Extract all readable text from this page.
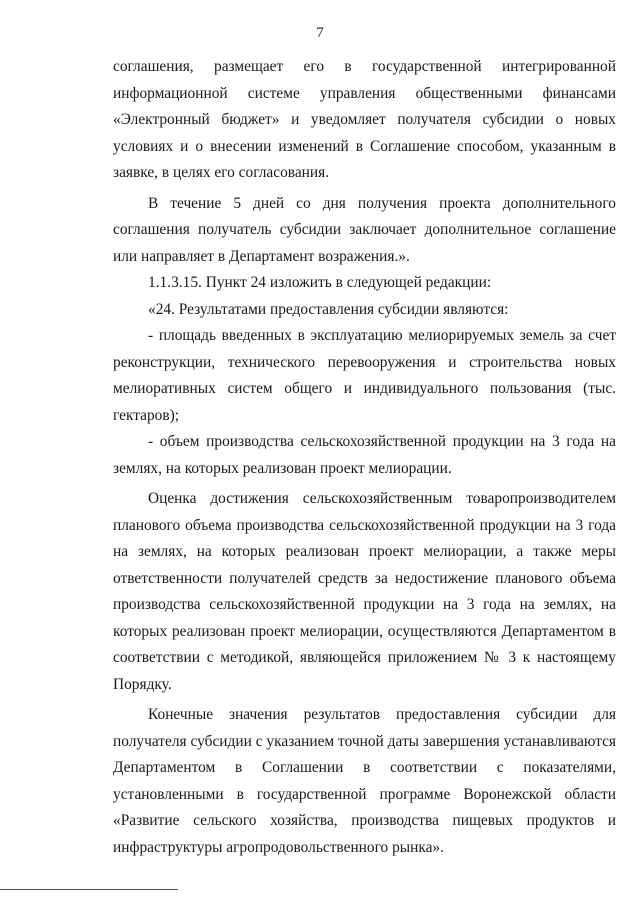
7

соглашения, размещает его в государственной интегрированной информационной системе управления общественными финансами «Электронный бюджет» и уведомляет получателя субсидии о новых условиях и о внесении изменений в Соглашение способом, указанным в заявке, в целях его согласования.

В течение 5 дней со дня получения проекта дополнительного соглашения получатель субсидии заключает дополнительное соглашение или направляет в Департамент возражения.».

1.1.3.15. Пункт 24 изложить в следующей редакции:

«24. Результатами предоставления субсидии являются:

- площадь введенных в эксплуатацию мелиорируемых земель за счет реконструкции, технического перевооружения и строительства новых мелиоративных систем общего и индивидуального пользования (тыс. гектаров);

- объем производства сельскохозяйственной продукции на 3 года на землях, на которых реализован проект мелиорации.

Оценка достижения сельскохозяйственным товаропроизводителем планового объема производства сельскохозяйственной продукции на 3 года на землях, на которых реализован проект мелиорации, а также меры ответственности получателей средств за недостижение планового объема производства сельскохозяйственной продукции на 3 года на землях, на которых реализован проект мелиорации, осуществляются Департаментом в соответствии с методикой, являющейся приложением № 3 к настоящему Порядку.

Конечные значения результатов предоставления субсидии для получателя субсидии с указанием точной даты завершения устанавливаются Департаментом в Соглашении в соответствии с показателями, установленными в государственной программе Воронежской области «Развитие сельского хозяйства, производства пищевых продуктов и инфраструктуры агропродовольственного рынка».
